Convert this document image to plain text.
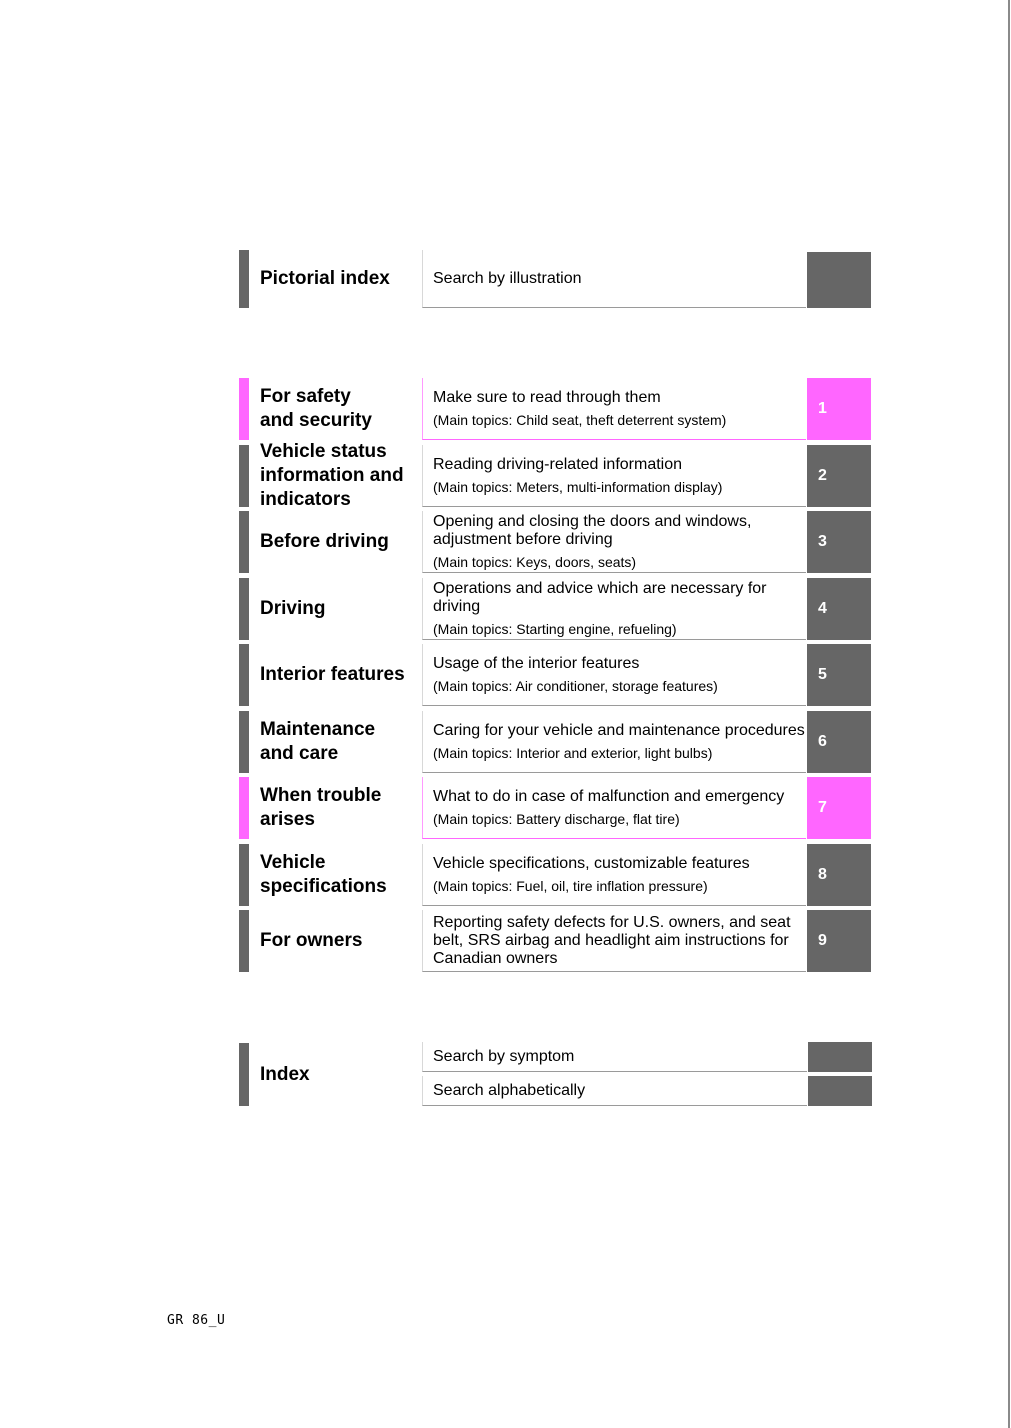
Pictorial index	Search by illustration
For safety
and security
Make sure to read through them
(Main topics: Child seat, theft deterrent system)
1
Vehicle status
information and
indicators
Reading driving-related information
(Main topics: Meters, multi-information display)
2
Before driving
Opening and closing the doors and windows, adjustment before driving
(Main topics: Keys, doors, seats)
3
Driving
Operations and advice which are necessary for driving
(Main topics: Starting engine, refueling)
4
Interior features
Usage of the interior features
(Main topics: Air conditioner, storage features)
5
Maintenance
and care
Caring for your vehicle and maintenance procedures
(Main topics: Interior and exterior, light bulbs)
6
When trouble
arises
What to do in case of malfunction and emergency
(Main topics: Battery discharge, flat tire)
7
Vehicle
specifications
Vehicle specifications, customizable features
(Main topics: Fuel, oil, tire inflation pressure)
8
For owners
Reporting safety defects for U.S. owners, and seat belt, SRS airbag and headlight aim instructions for Canadian owners
9
Index
Search by symptom
Search alphabetically
GR 86_U
